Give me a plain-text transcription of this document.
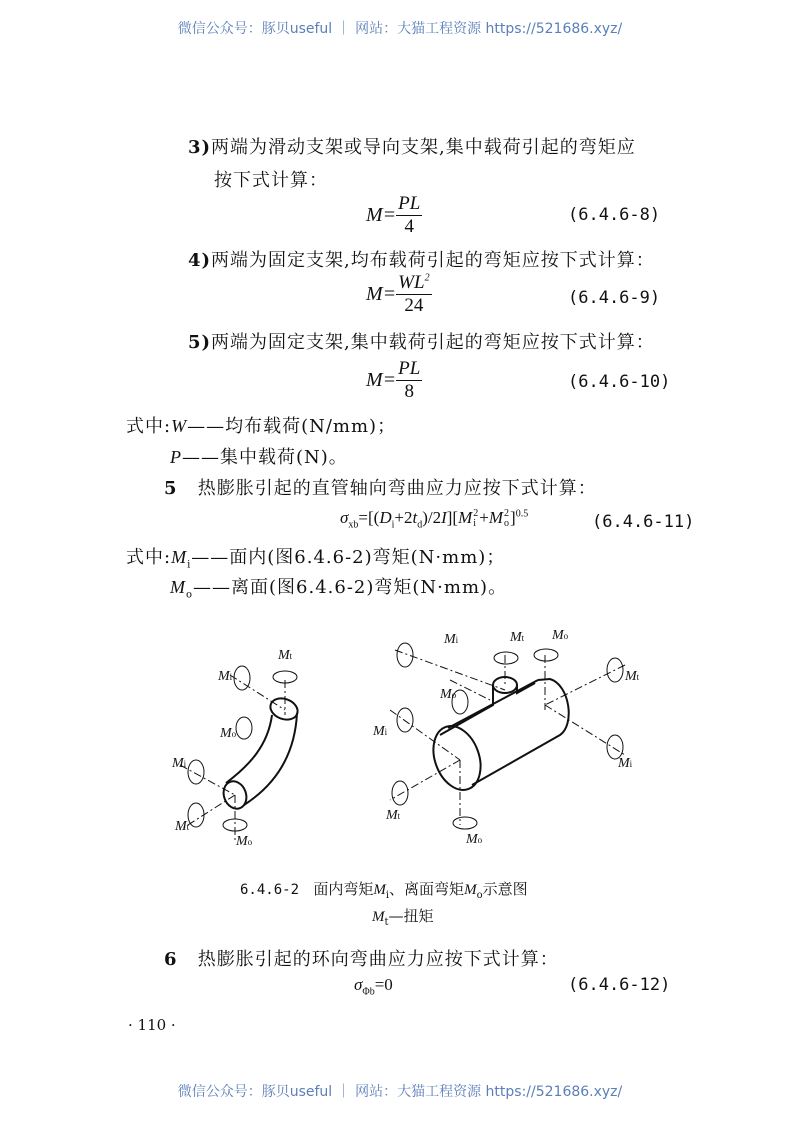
微信公众号：豚贝useful ｜ 网站：大猫工程资源 https://521686.xyz/
3)两端为滑动支架或导向支架,集中载荷引起的弯矩应
按下式计算：
$M= \frac{PL}{4}$	(6.4.6-8)
4)两端为固定支架,均布载荷引起的弯矩应按下式计算：
$M= \frac{WL^2}{24}$	(6.4.6-9)
5)两端为固定支架,集中载荷引起的弯矩应按下式计算：
$M= \frac{PL}{8}$	(6.4.6-10)
式中:W——均布载荷(N/mm)；
P——集中载荷(N)。
5 热膨胀引起的直管轴向弯曲应力应按下式计算：
$\sigma_{xb}=[(D_i+2t_d)/2I][M$ 2
i +M 2
o ]$^{0.5}$	(6.4.6-11)
式中$:M_i——$面内(图6.4.6-2)弯矩(N·mm)；
$M_o——$离面(图6.4.6-2)弯矩(N·mm)。
Mt
Mi
Mo
Mi
Mt
Mo
Mi	Mt Mo
Mt
Mo
Mi
Mi
Mt
Mo
6.4.6-2 面内弯矩$M_i$、离面弯矩$M_o$示意图
$M_t—$扭矩
6 热膨胀引起的环向弯曲应力应按下式计算：
$\sigma_{\Phi b}=0$	(6.4.6-12)
· 110 ·
微信公众号：豚贝useful ｜ 网站：大猫工程资源 https://521686.xyz/
